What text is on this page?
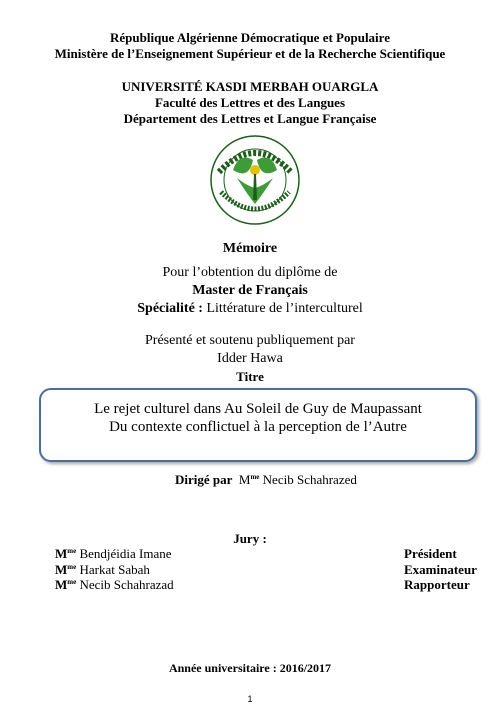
République Algérienne Démocratique et Populaire
Ministère de l’Enseignement Supérieur et de la Recherche Scientifique
UNIVERSITÉ KASDI MERBAH OUARGLA
Faculté des Lettres et des Langues
Département des Lettres et Langue Française
Mémoire
Pour l’obtention du diplôme de
Master de Français
Spécialité : Littérature de l’interculturel
Présenté et soutenu publiquement par
Idder Hawa
Titre
Le rejet culturel dans Au Soleil de Guy de Maupassant
Du contexte conflictuel à la perception de l’Autre
Dirigé par $M^{me}$ Necib Schahrazed
Jury :
$M^{me}$ Bendjéidia Imane	Président
$M^{me}$ Harkat Sabah	Examinateur
$M^{me}$ Necib Schahrazad	Rapporteur
Année universitaire : 2016/2017
1
